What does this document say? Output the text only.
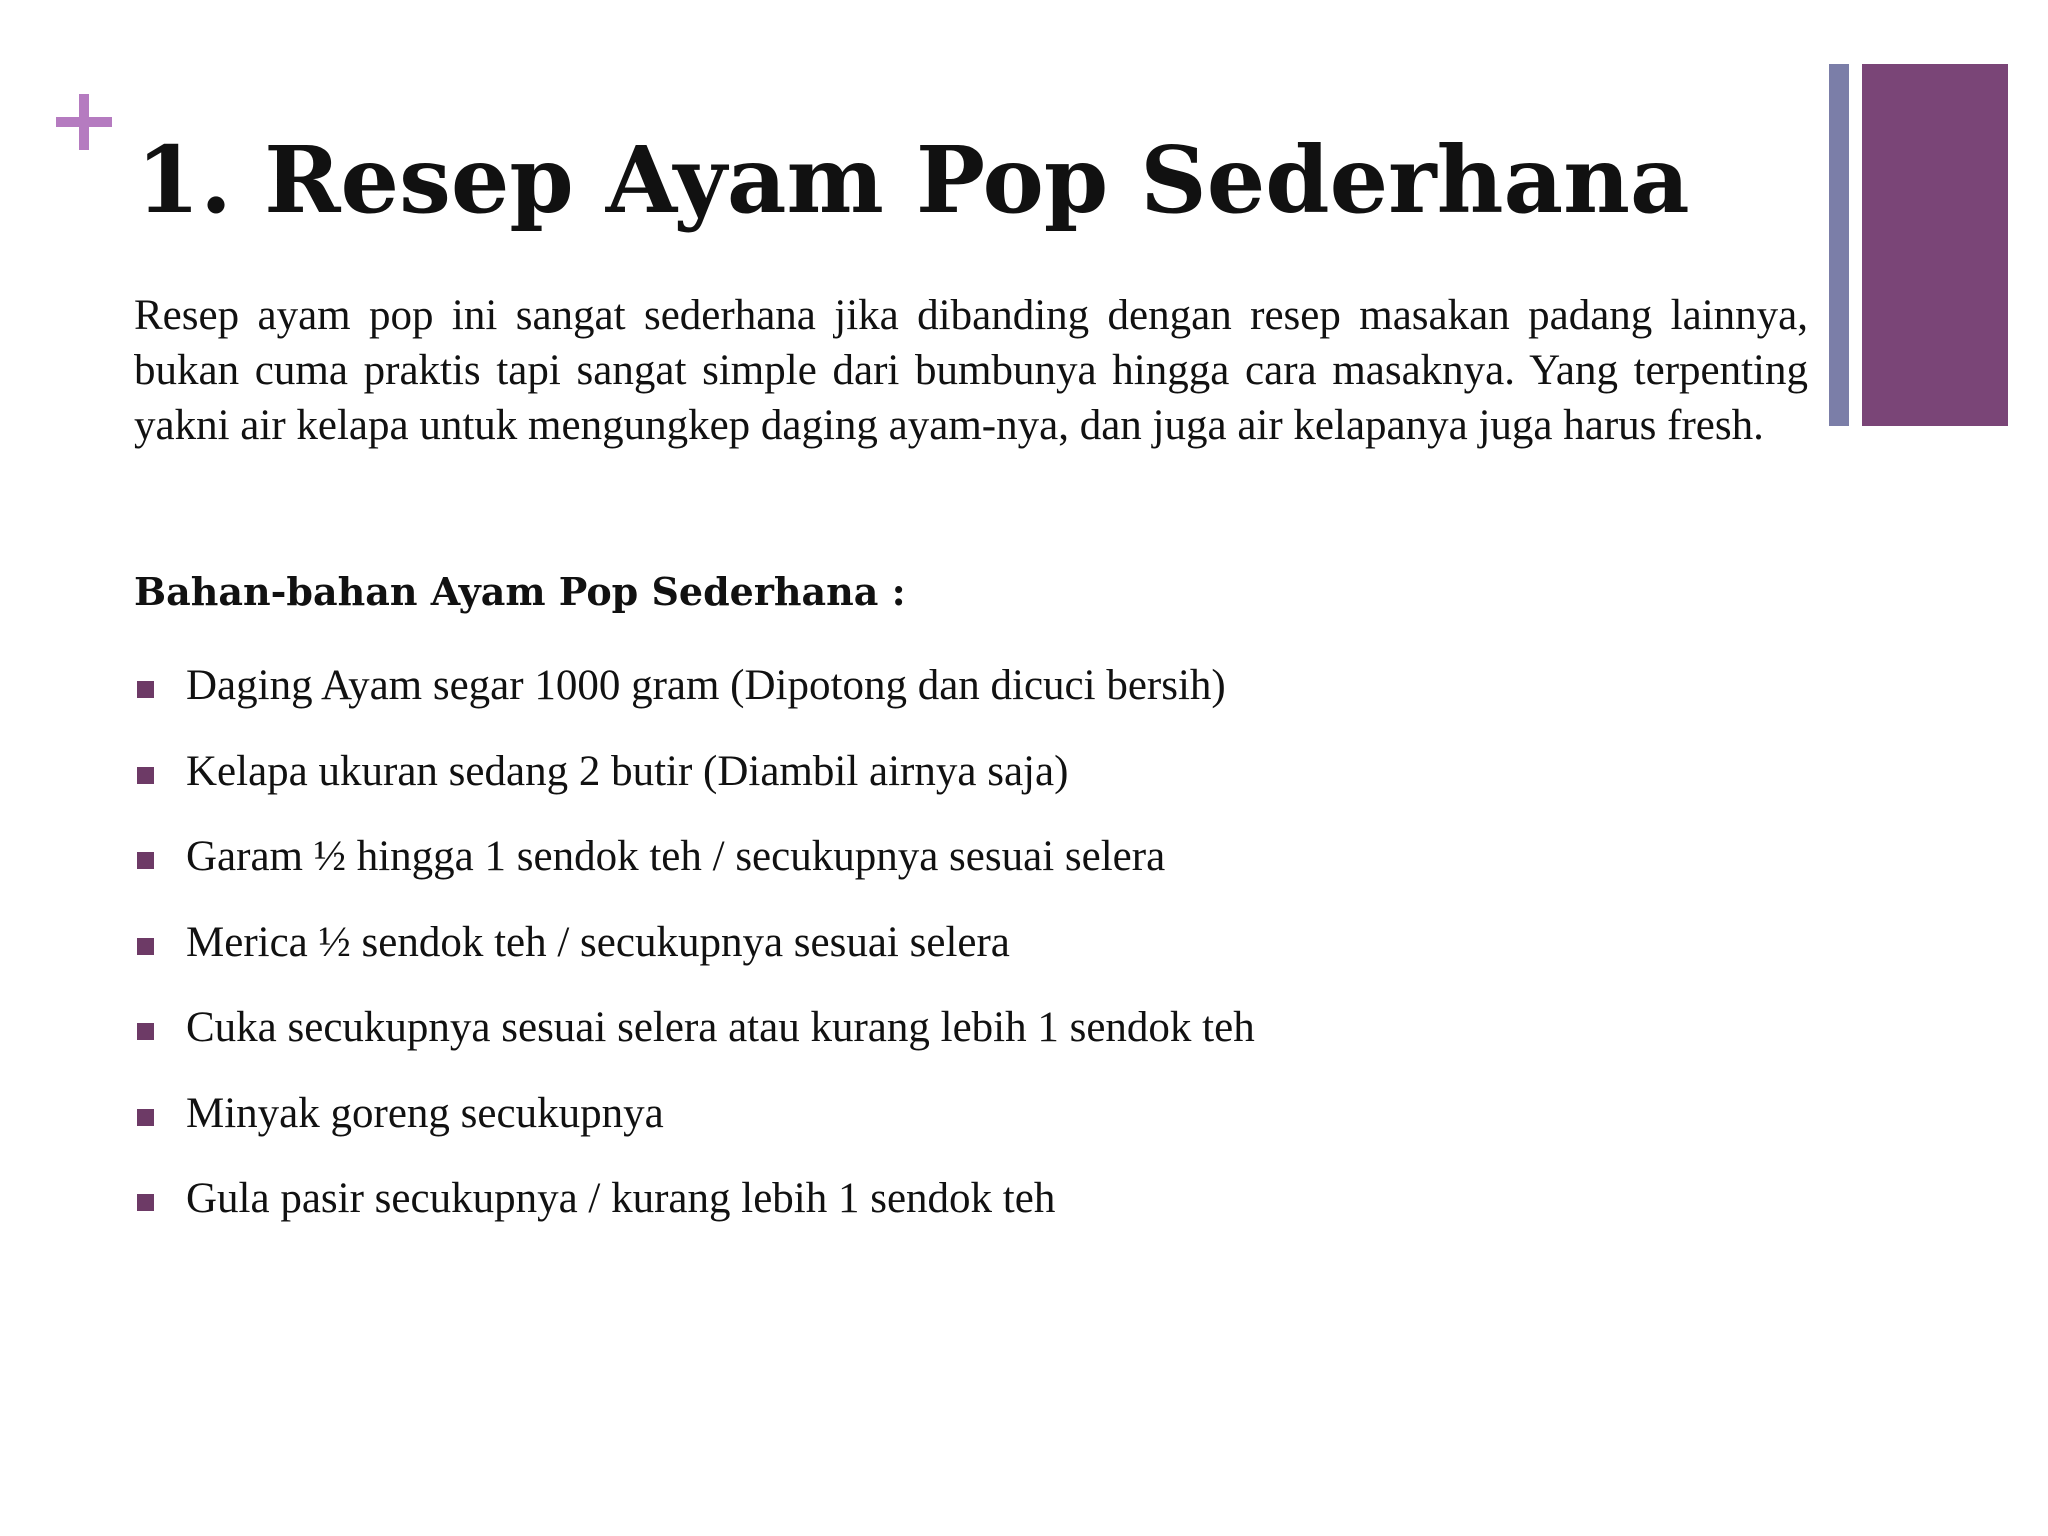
1. Resep Ayam Pop Sederhana

Resep ayam pop ini sangat sederhana jika dibanding dengan resep masakan padang lainnya, bukan cuma praktis tapi sangat simple dari bumbunya hingga cara masaknya. Yang terpenting yakni air kelapa untuk mengungkep daging ayam-nya, dan juga air kelapanya juga harus fresh.

Bahan-bahan Ayam Pop Sederhana :
Daging Ayam segar 1000 gram (Dipotong dan dicuci bersih)
Kelapa ukuran sedang 2 butir (Diambil airnya saja)
Garam ½ hingga 1 sendok teh / secukupnya sesuai selera
Merica ½ sendok teh / secukupnya sesuai selera
Cuka secukupnya sesuai selera atau kurang lebih 1 sendok teh
Minyak goreng secukupnya
Gula pasir secukupnya / kurang lebih 1 sendok teh
